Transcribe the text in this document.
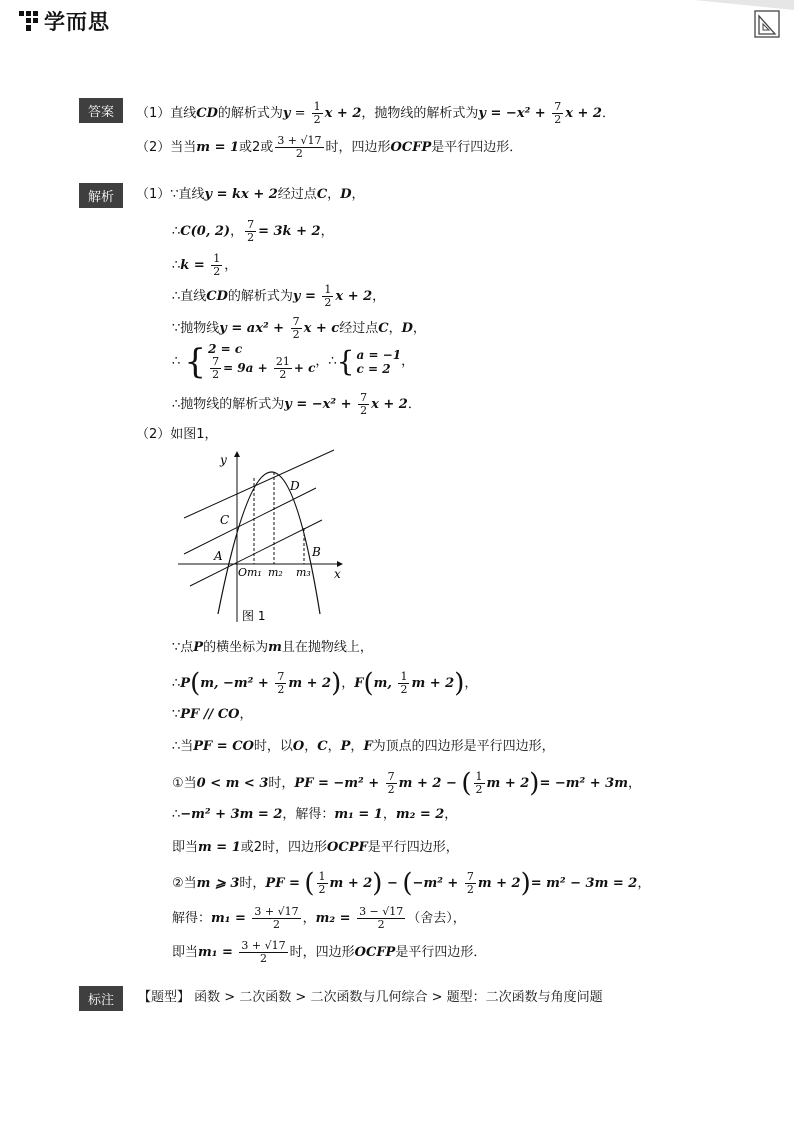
学而思
答案	（1）直线CD的解析式为$y = \frac{1}{2}$ x + 2，抛物线的解析式为$y = -x^2 + \frac{7}{2}$ x + 2．
（2）当当m = 1或2或 $\frac{3 + √17}{2}$ 时，四边形OCFP是平行四边形．
解析	（1）∵直线y = kx + 2经过点C，D，
∴C(0, 2)， $\frac{7}{2} = 3k + 2$，
∴k = $\frac{1}{2}$ ，
∴直线CD的解析式为$y = \frac{1}{2}$ x + 2，
∵抛物线$y = ax^2 + \frac{7}{2}$ x + c经过点C，D，
∴ { 2 = c
$\frac{7}{2} = 9a + \frac{21}{2} + c$ ，∴ { a = −1
c = 2 ，
∴抛物线的解析式为$y = -x^2 + \frac{7}{2}$ x + 2．
（2）如图1，
y
x
C
D
A	B
O m₁ m₂ m₃
图 1
∵点P的横坐标为m且在抛物线上，
∴P(m, $-m^2 + \frac{7}{2}$ m + 2)，F(m, $\frac{1}{2}$ m + 2)，
∵PF // CO，
∴当PF = CO时，以O，C，P，F为顶点的四边形是平行四边形，
①当0 < m < 3时，PF = $-m^2 + \frac{7}{2}$ m + 2 − ( $\frac{1}{2}$ m + 2)= −m² + 3m，
∴−m² + 3m = 2，解得：m₁ = 1，m₂ = 2，
即当m = 1或2时，四边形OCPF是平行四边形，
②当m ⩾ 3时，PF = ( $\frac{1}{2}$ $m + 2) - (-m^2 + \frac{7}{2}$ m + 2)= m² − 3m = 2，
解得：$m_1 = \frac{3 + √17}{2}$ ，$m_2 = \frac{3 - √17}{2}$ （舍去），
即当$m_1 = \frac{3 + √17}{2}$ 时，四边形OCFP是平行四边形．
标注	【题型】 函数 > 二次函数 > 二次函数与几何综合 > 题型：二次函数与角度问题
